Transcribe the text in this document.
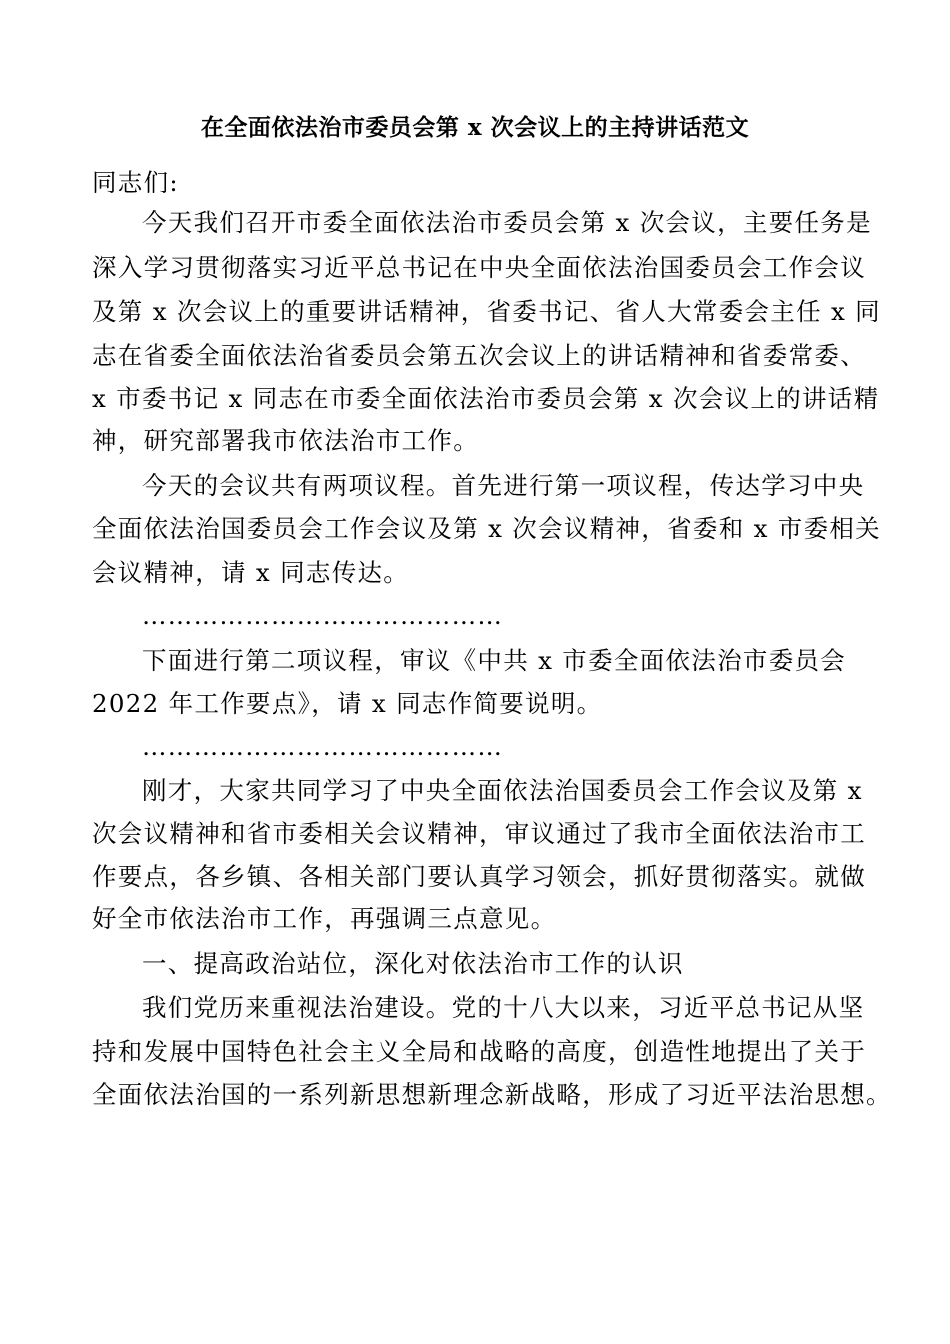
在全面依法治市委员会第 x 次会议上的主持讲话范文
同志们:
今天我们召开市委全面依法治市委员会第 x 次会议，主要任务是
深入学习贯彻落实习近平总书记在中央全面依法治国委员会工作会议
及第 x 次会议上的重要讲话精神，省委书记、省人大常委会主任 x 同
志在省委全面依法治省委员会第五次会议上的讲话精神和省委常委、
x 市委书记 x 同志在市委全面依法治市委员会第 x 次会议上的讲话精
神，研究部署我市依法治市工作。
今天的会议共有两项议程。首先进行第一项议程，传达学习中央
全面依法治国委员会工作会议及第 x 次会议精神，省委和 x 市委相关
会议精神，请 x 同志传达。
……………………………………
下面进行第二项议程，审议《中共 x 市委全面依法治市委员会
2022 年工作要点》，请 x 同志作简要说明。
……………………………………
刚才，大家共同学习了中央全面依法治国委员会工作会议及第 x
次会议精神和省市委相关会议精神，审议通过了我市全面依法治市工
作要点，各乡镇、各相关部门要认真学习领会，抓好贯彻落实。就做
好全市依法治市工作，再强调三点意见。
一、提高政治站位，深化对依法治市工作的认识
我们党历来重视法治建设。党的十八大以来，习近平总书记从坚
持和发展中国特色社会主义全局和战略的高度，创造性地提出了关于
全面依法治国的一系列新思想新理念新战略，形成了习近平法治思想。
